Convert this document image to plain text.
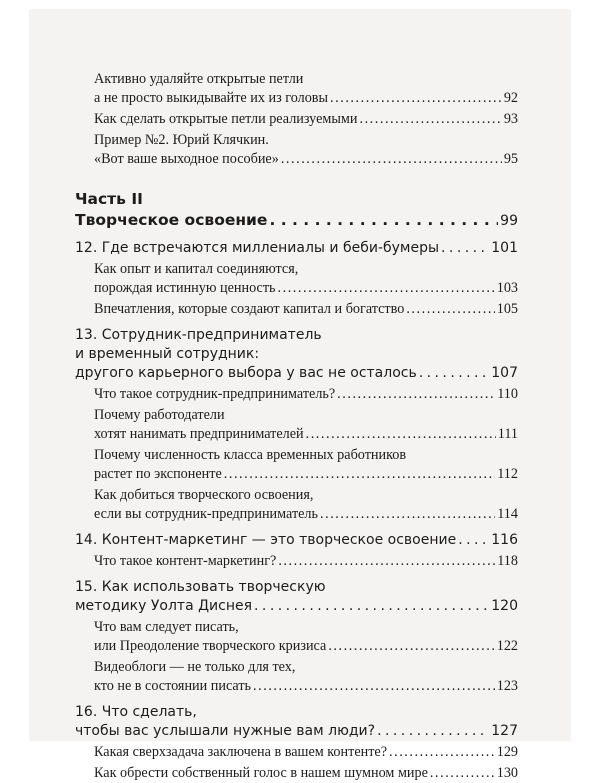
Активно удаляйте открытые петли
а не просто выкидывайте их из головы . . .	92
Как сделать открытые петли реализуемыми . . .	93
Пример №2. Юрий Клячкин.
«Вот ваше выходное пособие» . . .	95
Часть II
Творческое освоение . . .	99
12. Где встречаются миллениалы и беби-бумеры . . .	101
Как опыт и капитал соединяются,
порождая истинную ценность . . .	103
Впечатления, которые создают капитал и богатство . . .	105
13. Сотрудник-предприниматель
и временный сотрудник:
другого карьерного выбора у вас не осталось . . .	107
Что такое сотрудник-предприниматель? . . .	110
Почему работодатели
хотят нанимать предпринимателей . . .	111
Почему численность класса временных работников
растет по экспоненте . . .	112
Как добиться творческого освоения,
если вы сотрудник-предприниматель . . .	114
14. Контент-маркетинг — это творческое освоение . . .	116
Что такое контент-маркетинг? . . .	118
15. Как использовать творческую
методику Уолта Диснея . . .	120
Что вам следует писать,
или Преодоление творческого кризиса . . .	122
Видеоблоги — не только для тех,
кто не в состоянии писать . . .	123
16. Что сделать,
чтобы вас услышали нужные вам люди? . . .	127
Какая сверхзадача заключена в вашем контенте? . . .	129
Как обрести собственный голос в нашем шумном мире . . .	130
